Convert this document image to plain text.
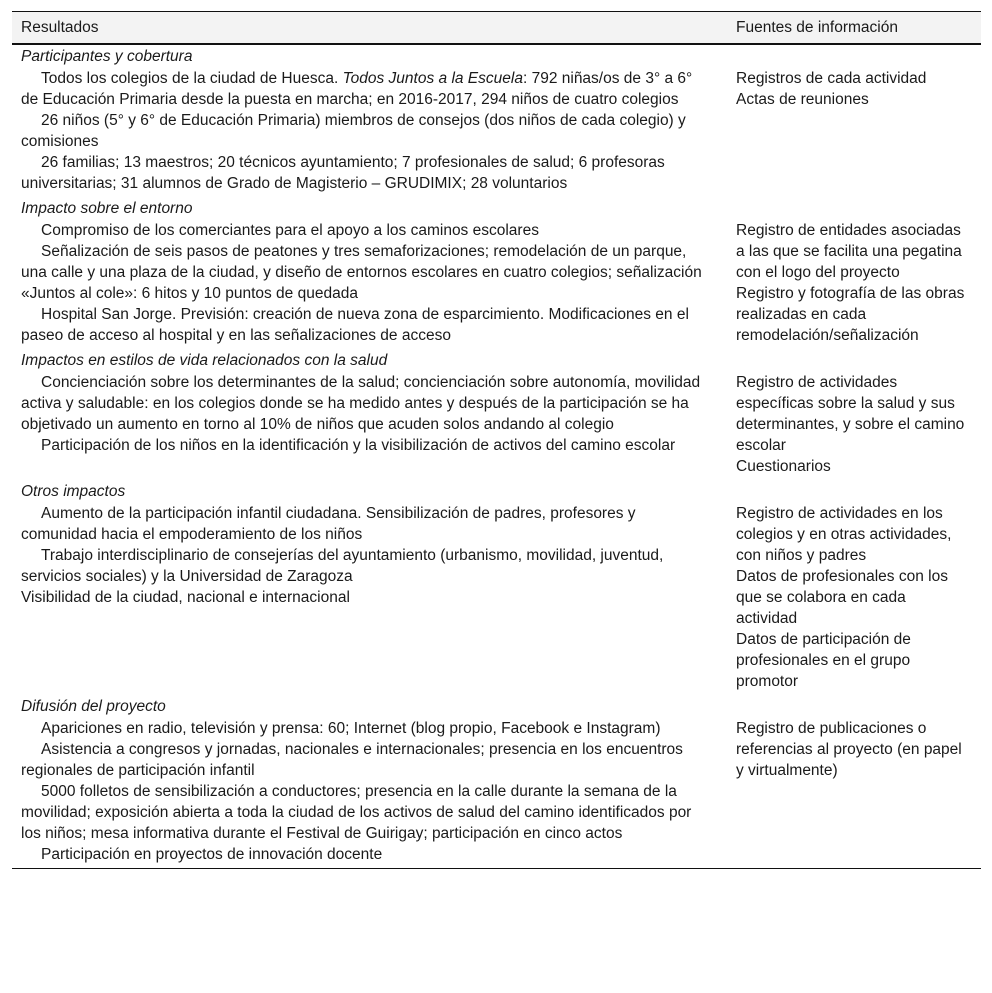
Resultados	Fuentes de información
Participantes y cobertura

Todos los colegios de la ciudad de Huesca. Todos Juntos a la Escuela: 792 niñas/os de 3° a 6° de Educación Primaria desde la puesta en marcha; en 2016-2017, 294 niños de cuatro colegios

26 niños (5° y 6° de Educación Primaria) miembros de consejos (dos niños de cada colegio) y comisiones

26 familias; 13 maestros; 20 técnicos ayuntamiento; 7 profesionales de salud; 6 profesoras universitarias; 31 alumnos de Grado de Magisterio – GRUDIMIX; 28 voluntarios

Registros de cada actividad

Actas de reuniones

Impacto sobre el entorno

Compromiso de los comerciantes para el apoyo a los caminos escolares

Señalización de seis pasos de peatones y tres semaforizaciones; remodelación de un parque, una calle y una plaza de la ciudad, y diseño de entornos escolares en cuatro colegios; señalización «Juntos al cole»: 6 hitos y 10 puntos de quedada

Hospital San Jorge. Previsión: creación de nueva zona de esparcimiento. Modificaciones en el paseo de acceso al hospital y en las señalizaciones de acceso

Registro de entidades asociadas a las que se facilita una pegatina con el logo del proyecto

Registro y fotografía de las obras realizadas en cada remodelación/señalización

Impactos en estilos de vida relacionados con la salud

Concienciación sobre los determinantes de la salud; concienciación sobre autonomía, movilidad activa y saludable: en los colegios donde se ha medido antes y después de la participación se ha objetivado un aumento en torno al 10% de niños que acuden solos andando al colegio

Participación de los niños en la identificación y la visibilización de activos del camino escolar

Registro de actividades específicas sobre la salud y sus determinantes, y sobre el camino escolar

Cuestionarios

Otros impactos

Aumento de la participación infantil ciudadana. Sensibilización de padres, profesores y comunidad hacia el empoderamiento de los niños

Trabajo interdisciplinario de consejerías del ayuntamiento (urbanismo, movilidad, juventud, servicios sociales) y la Universidad de Zaragoza

Visibilidad de la ciudad, nacional e internacional

Registro de actividades en los colegios y en otras actividades, con niños y padres

Datos de profesionales con los que se colabora en cada actividad

Datos de participación de profesionales en el grupo promotor

Difusión del proyecto

Apariciones en radio, televisión y prensa: 60; Internet (blog propio, Facebook e Instagram)

Asistencia a congresos y jornadas, nacionales e internacionales; presencia en los encuentros regionales de participación infantil

5000 folletos de sensibilización a conductores; presencia en la calle durante la semana de la movilidad; exposición abierta a toda la ciudad de los activos de salud del camino identificados por los niños; mesa informativa durante el Festival de Guirigay; participación en cinco actos

Participación en proyectos de innovación docente

Registro de publicaciones o referencias al proyecto (en papel y virtualmente)
